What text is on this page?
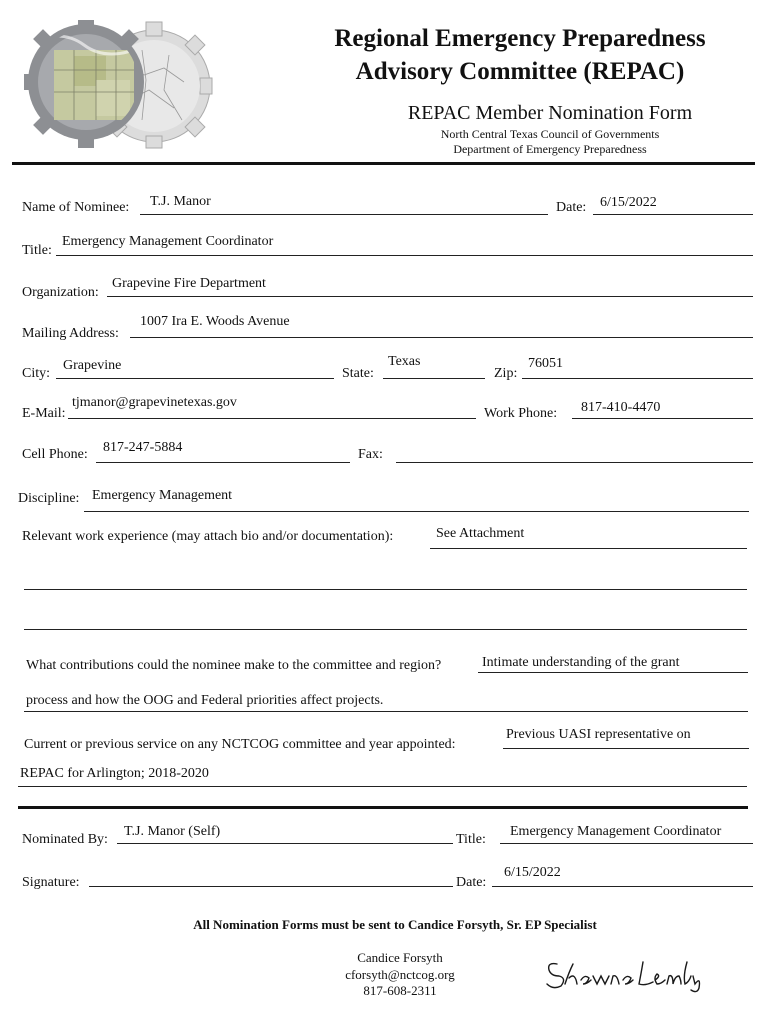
Regional Emergency Preparedness
Advisory Committee (REPAC)
REPAC Member Nomination Form
North Central Texas Council of Governments
Department of Emergency Preparedness
Name of Nominee: T.J. Manor	Date: 6/15/2022
Title:
Emergency Management Coordinator
Organization:
Grapevine Fire Department
Mailing Address:
1007 Ira E. Woods Avenue
City:
Grapevine
State:
Texas
Zip:
76051
E-Mail:
tjmanor@grapevinetexas.gov
Work Phone: 817-410-4470
Cell Phone: 817-247-5884	Fax:
Discipline: Emergency Management
Relevant work experience (may attach bio and/or documentation):	See Attachment
What contributions could the nominee make to the committee and region?	Intimate understanding of the grant
process and how the OOG and Federal priorities affect projects.
Current or previous service on any NCTCOG committee and year appointed:
Previous UASI representative on
REPAC for Arlington; 2018-2020
Nominated By:
T.J. Manor (Self)
Title:
Emergency Management Coordinator
Signature:	Date:
6/15/2022
All Nomination Forms must be sent to Candice Forsyth, Sr. EP Specialist
Candice Forsyth
cforsyth@nctcog.org
817-608-2311
